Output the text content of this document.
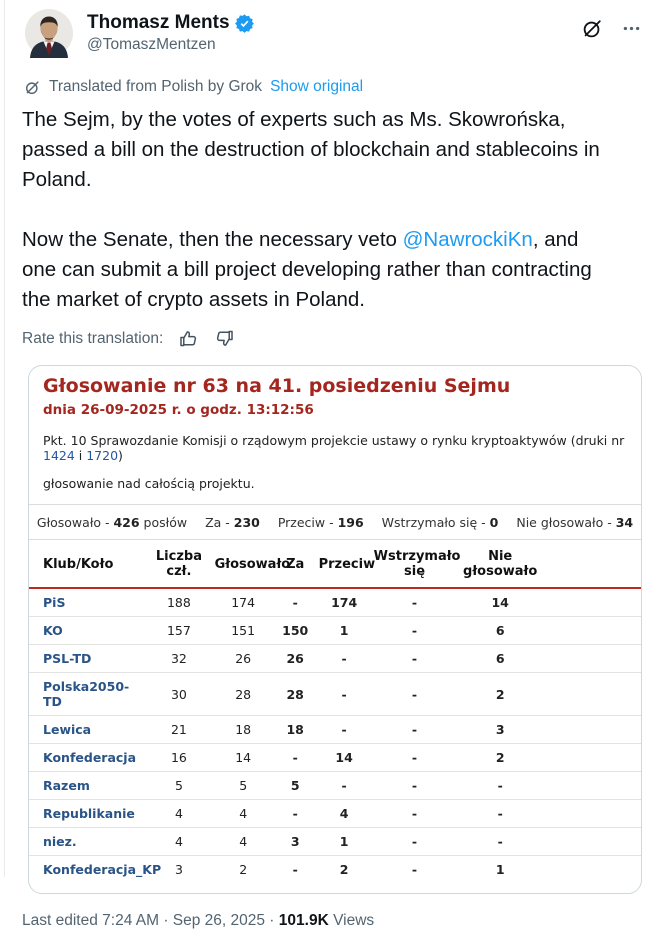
Thomasz Ments
@TomaszMentzen
Translated from Polish by Grok Show original
The Sejm, by the votes of experts such as Ms. Skowrońska,
passed a bill on the destruction of blockchain and stablecoins in
Poland.
Now the Senate, then the necessary veto @NawrockiKn, and
one can submit a bill project developing rather than contracting
the market of crypto assets in Poland.
Rate this translation:
Głosowanie nr 63 na 41. posiedzeniu Sejmu
dnia 26-09-2025 r. o godz. 13:12:56
Pkt. 10 Sprawozdanie Komisji o rządowym projekcie ustawy o rynku kryptoaktywów (druki nr 1424 i 1720)
głosowanie nad całością projektu.
Głosowało - 426 posłów Za - 230 Przeciw - 196 Wstrzymało się - 0 Nie głosowało - 34
Klub/Koło	Liczba czł.	Głosowało	Za	Przeciw	Wstrzymało się	Nie głosowało	
PiS	188	174	-	174	-	14	
KO	157	151	150	1	-	6	
PSL-TD	32	26	26	-	-	6	
Polska2050-TD	30	28	28	-	-	2	
Lewica	21	18	18	-	-	3	
Konfederacja	16	14	-	14	-	2	
Razem	5	5	5	-	-	-	
Republikanie	4	4	-	4	-	-	
niez.	4	4	3	1	-	-	
Konfederacja_KP	3	2	-	2	-	1	
Last edited 7:24 AM · Sep 26, 2025 · 101.9K Views
